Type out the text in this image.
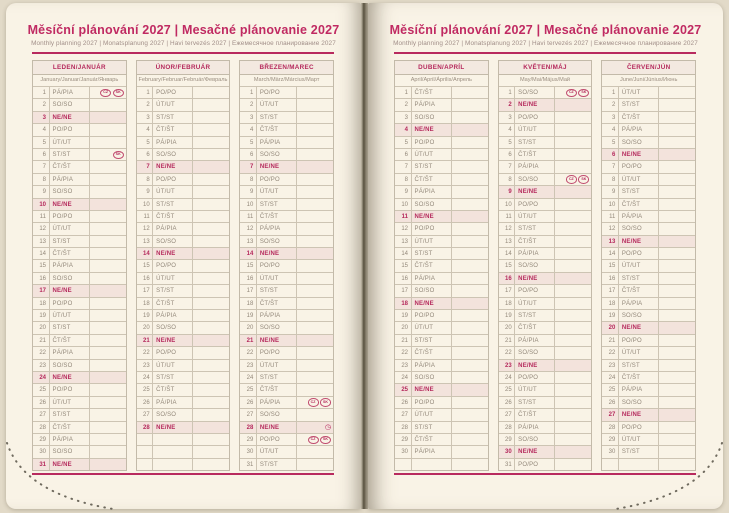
Měsíční plánování 2027 | Mesačné plánovanie 2027
Monthly planning 2027 | Monatsplanung 2027 | Havi tervezés 2027 | Ежемесячное планирование 2027
LEDEN/JANUÁR
January/Januar/Január/Январь
1	PÁ/PIA	CZ	SK
2	SO/SO
3	NE/NE
4	PO/PO
5	ÚT/UT
6	ST/ST	SK
7	ČT/ŠT
8	PÁ/PIA
9	SO/SO
10	NE/NE
11	PO/PO
12	ÚT/UT
13	ST/ST
14	ČT/ŠT
15	PÁ/PIA
16	SO/SO
17	NE/NE
18	PO/PO
19	ÚT/UT
20	ST/ST
21	ČT/ŠT
22	PÁ/PIA
23	SO/SO
24	NE/NE
25	PO/PO
26	ÚT/UT
27	ST/ST
28	ČT/ŠT
29	PÁ/PIA
30	SO/SO
31	NE/NE
ÚNOR/FEBRUÁR
February/Februar/Február/Февраль
1	PO/PO
2	ÚT/UT
3	ST/ST
4	ČT/ŠT
5	PÁ/PIA
6	SO/SO
7	NE/NE
8	PO/PO
9	ÚT/UT
10	ST/ST
11	ČT/ŠT
12	PÁ/PIA
13	SO/SO
14	NE/NE
15	PO/PO
16	ÚT/UT
17	ST/ST
18	ČT/ŠT
19	PÁ/PIA
20	SO/SO
21	NE/NE
22	PO/PO
23	ÚT/UT
24	ST/ST
25	ČT/ŠT
26	PÁ/PIA
27	SO/SO
28	NE/NE
BŘEZEN/MAREC
March/März/Március/Март
1	PO/PO
2	ÚT/UT
3	ST/ST
4	ČT/ŠT
5	PÁ/PIA
6	SO/SO
7	NE/NE
8	PO/PO
9	ÚT/UT
10	ST/ST
11	ČT/ŠT
12	PÁ/PIA
13	SO/SO
14	NE/NE
15	PO/PO
16	ÚT/UT
17	ST/ST
18	ČT/ŠT
19	PÁ/PIA
20	SO/SO
21	NE/NE
22	PO/PO
23	ÚT/UT
24	ST/ST
25	ČT/ŠT
26	PÁ/PIA	CZ	SK
27	SO/SO
28	NE/NE	◷
29	PO/PO	CZ	SK
30	ÚT/UT
31	ST/ST
Měsíční plánování 2027 | Mesačné plánovanie 2027
Monthly planning 2027 | Monatsplanung 2027 | Havi tervezés 2027 | Ежемесячное планирование 2027
DUBEN/APRÍL
April/April/Április/Апрель
1	ČT/ŠT
2	PÁ/PIA
3	SO/SO
4	NE/NE
5	PO/PO
6	ÚT/UT
7	ST/ST
8	ČT/ŠT
9	PÁ/PIA
10	SO/SO
11	NE/NE
12	PO/PO
13	ÚT/UT
14	ST/ST
15	ČT/ŠT
16	PÁ/PIA
17	SO/SO
18	NE/NE
19	PO/PO
20	ÚT/UT
21	ST/ST
22	ČT/ŠT
23	PÁ/PIA
24	SO/SO
25	NE/NE
26	PO/PO
27	ÚT/UT
28	ST/ST
29	ČT/ŠT
30	PÁ/PIA
KVĚTEN/MÁJ
May/Mai/Május/Май
1	SO/SO	CZ	SK
2	NE/NE
3	PO/PO
4	ÚT/UT
5	ST/ST
6	ČT/ŠT
7	PÁ/PIA
8	SO/SO	CZ	SK
9	NE/NE
10	PO/PO
11	ÚT/UT
12	ST/ST
13	ČT/ŠT
14	PÁ/PIA
15	SO/SO
16	NE/NE
17	PO/PO
18	ÚT/UT
19	ST/ST
20	ČT/ŠT
21	PÁ/PIA
22	SO/SO
23	NE/NE
24	PO/PO
25	ÚT/UT
26	ST/ST
27	ČT/ŠT
28	PÁ/PIA
29	SO/SO
30	NE/NE
31	PO/PO
ČERVEN/JÚN
June/Juni/Június/Июнь
1	ÚT/UT
2	ST/ST
3	ČT/ŠT
4	PÁ/PIA
5	SO/SO
6	NE/NE
7	PO/PO
8	ÚT/UT
9	ST/ST
10	ČT/ŠT
11	PÁ/PIA
12	SO/SO
13	NE/NE
14	PO/PO
15	ÚT/UT
16	ST/ST
17	ČT/ŠT
18	PÁ/PIA
19	SO/SO
20	NE/NE
21	PO/PO
22	ÚT/UT
23	ST/ST
24	ČT/ŠT
25	PÁ/PIA
26	SO/SO
27	NE/NE
28	PO/PO
29	ÚT/UT
30	ST/ST
